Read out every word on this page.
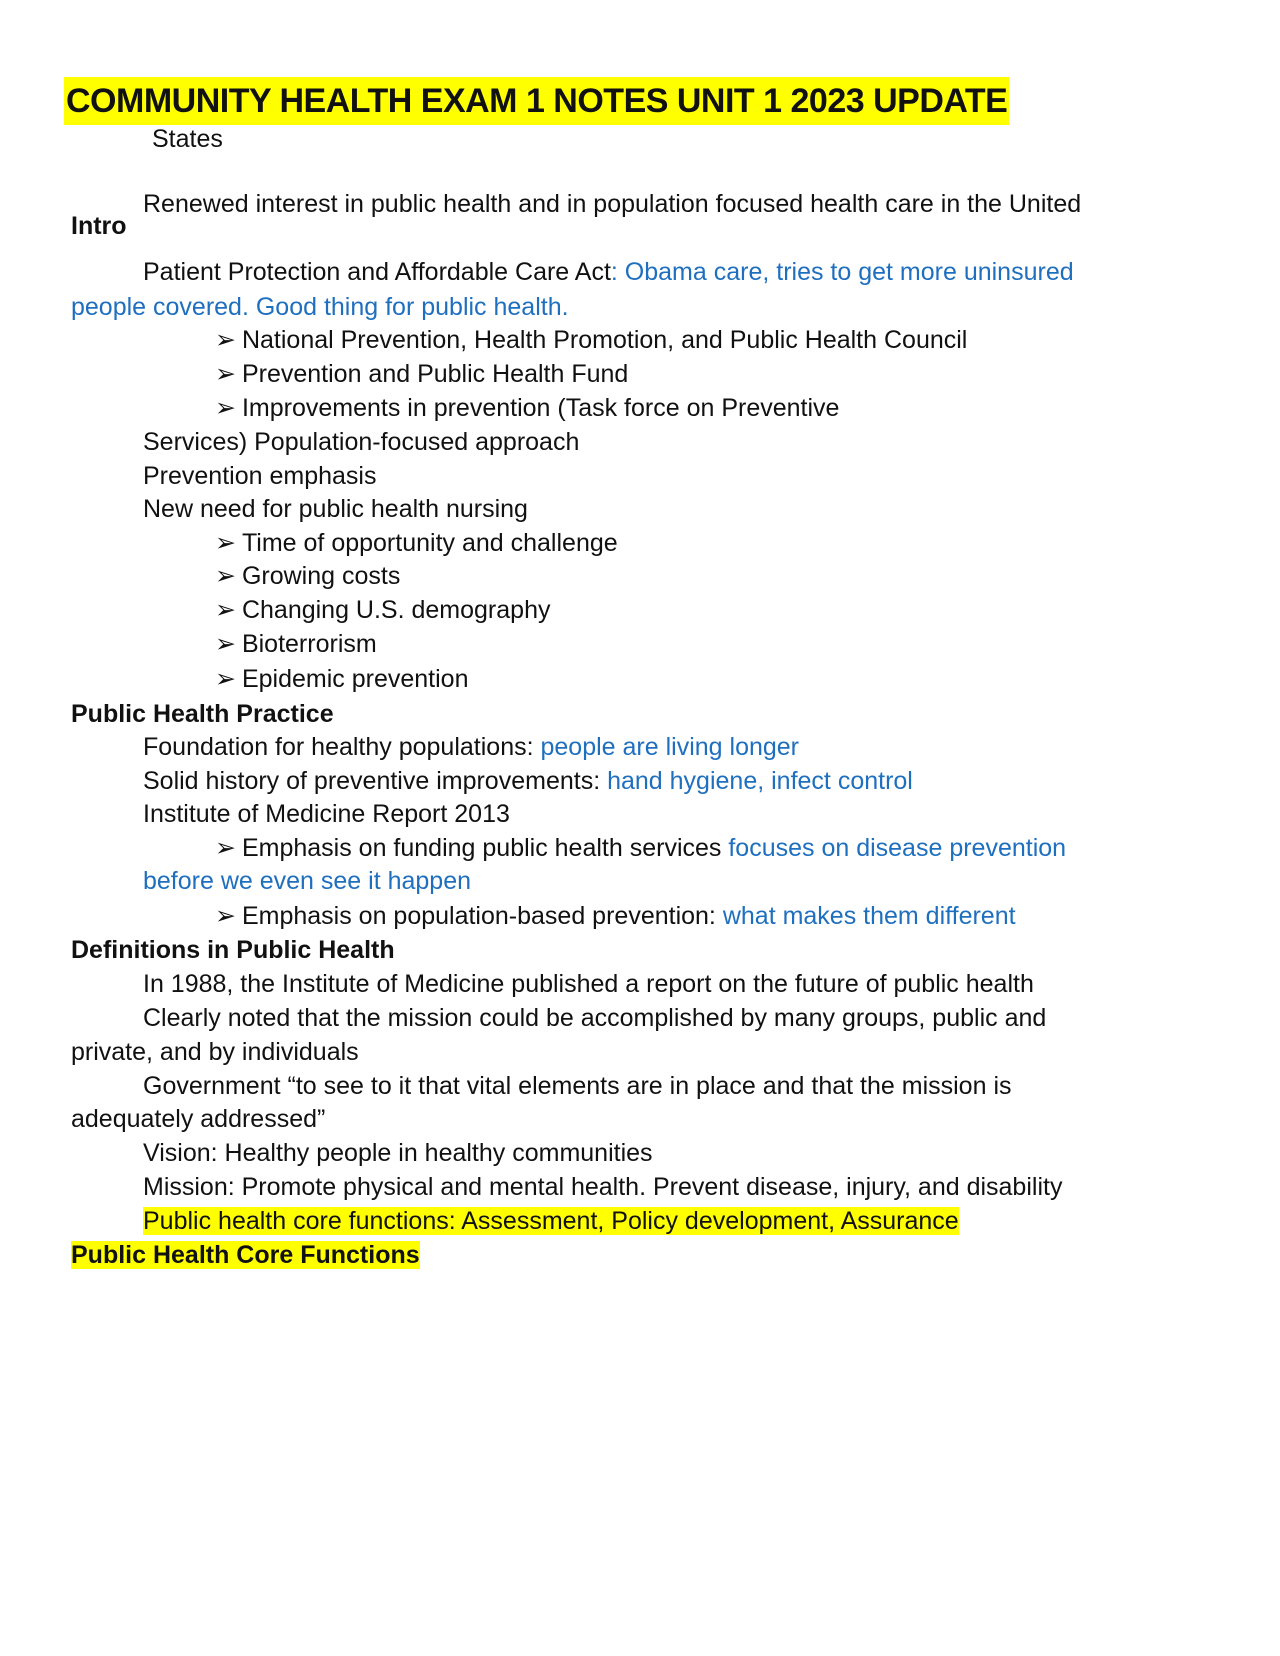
COMMUNITY HEALTH EXAM 1 NOTES UNIT 1 2023 UPDATE
States
Renewed interest in public health and in population focused health care in the United
Intro
Patient Protection and Affordable Care Act: Obama care, tries to get more uninsured
people covered. Good thing for public health.
➢ National Prevention, Health Promotion, and Public Health Council
➢ Prevention and Public Health Fund
➢ Improvements in prevention (Task force on Preventive
Services) Population-focused approach
Prevention emphasis
New need for public health nursing
➢ Time of opportunity and challenge
➢ Growing costs
➢ Changing U.S. demography
➢ Bioterrorism
➢ Epidemic prevention
Public Health Practice
Foundation for healthy populations: people are living longer
Solid history of preventive improvements: hand hygiene, infect control
Institute of Medicine Report 2013
➢ Emphasis on funding public health services focuses on disease prevention
before we even see it happen
➢ Emphasis on population-based prevention: what makes them different
Definitions in Public Health
In 1988, the Institute of Medicine published a report on the future of public health
Clearly noted that the mission could be accomplished by many groups, public and
private, and by individuals
Government “to see to it that vital elements are in place and that the mission is
adequately addressed”
Vision: Healthy people in healthy communities
Mission: Promote physical and mental health. Prevent disease, injury, and disability
Public health core functions: Assessment, Policy development, Assurance
Public Health Core Functions
